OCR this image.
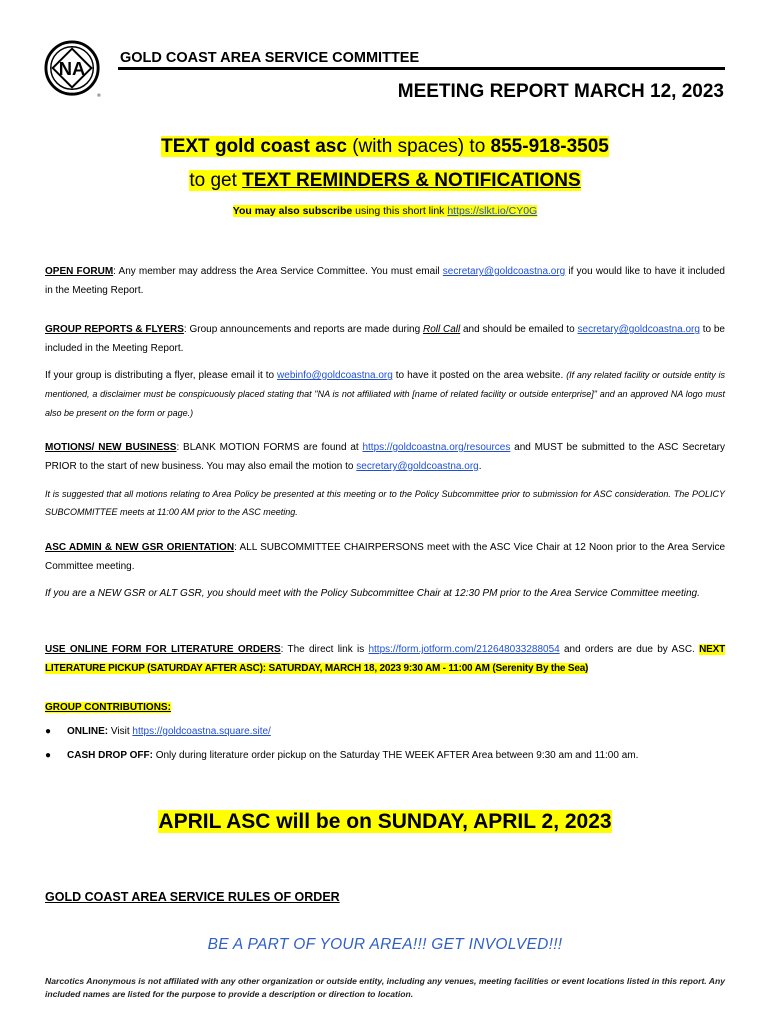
NA
®
GOLD COAST AREA SERVICE COMMITTEE
MEETING REPORT MARCH 12, 2023
TEXT gold coast asc (with spaces) to 855-918-3505
to get TEXT REMINDERS & NOTIFICATIONS
You may also subscribe using this short link https://slkt.io/CY0G
OPEN FORUM: Any member may address the Area Service Committee. You must email secretary@goldcoastna.org if you would like to have it included in the Meeting Report.
GROUP REPORTS & FLYERS: Group announcements and reports are made during Roll Call and should be emailed to secretary@goldcoastna.org to be included in the Meeting Report.
If your group is distributing a flyer, please email it to webinfo@goldcoastna.org to have it posted on the area website. (If any related facility or outside entity is mentioned, a disclaimer must be conspicuously placed stating that "NA is not affiliated with [name of related facility or outside enterprise]" and an approved NA logo must also be present on the form or page.)
MOTIONS/ NEW BUSINESS: BLANK MOTION FORMS are found at https://goldcoastna.org/resources and MUST be submitted to the ASC Secretary PRIOR to the start of new business. You may also email the motion to secretary@goldcoastna.org.
It is suggested that all motions relating to Area Policy be presented at this meeting or to the Policy Subcommittee prior to submission for ASC consideration. The POLICY SUBCOMMITTEE meets at 11:00 AM prior to the ASC meeting.
ASC ADMIN & NEW GSR ORIENTATION: ALL SUBCOMMITTEE CHAIRPERSONS meet with the ASC Vice Chair at 12 Noon prior to the Area Service Committee meeting.
If you are a NEW GSR or ALT GSR, you should meet with the Policy Subcommittee Chair at 12:30 PM prior to the Area Service Committee meeting.
USE ONLINE FORM FOR LITERATURE ORDERS: The direct link is https://form.jotform.com/212648033288054 and orders are due by ASC. NEXT LITERATURE PICKUP (SATURDAY AFTER ASC): SATURDAY, MARCH 18, 2023 9:30 AM - 11:00 AM (Serenity By the Sea)
GROUP CONTRIBUTIONS:
● ONLINE: Visit https://goldcoastna.square.site/
● CASH DROP OFF: Only during literature order pickup on the Saturday THE WEEK AFTER Area between 9:30 am and 11:00 am.
APRIL ASC will be on SUNDAY, APRIL 2, 2023
GOLD COAST AREA SERVICE RULES OF ORDER
BE A PART OF YOUR AREA!!! GET INVOLVED!!!
Narcotics Anonymous is not affiliated with any other organization or outside entity, including any venues, meeting facilities or event locations listed in this report. Any included names are listed for the purpose to provide a description or direction to location.
